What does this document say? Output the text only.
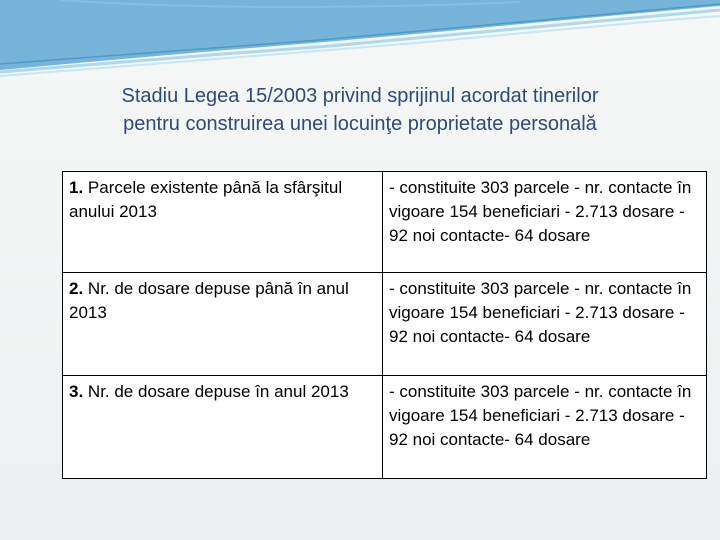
Stadiu Legea 15/2003 privind sprijinul acordat tinerilor
pentru construirea unei locuinţe proprietate personală
1. Parcele existente până la sfârşitul anului 2013	- constituite 303 parcele - nr. contacte în vigoare 154 beneficiari - 2.713 dosare - 92 noi contacte- 64 dosare
2. Nr. de dosare depuse până în anul 2013	- constituite 303 parcele - nr. contacte în vigoare 154 beneficiari - 2.713 dosare - 92 noi contacte- 64 dosare
3. Nr. de dosare depuse în anul 2013	- constituite 303 parcele - nr. contacte în vigoare 154 beneficiari - 2.713 dosare - 92 noi contacte- 64 dosare
